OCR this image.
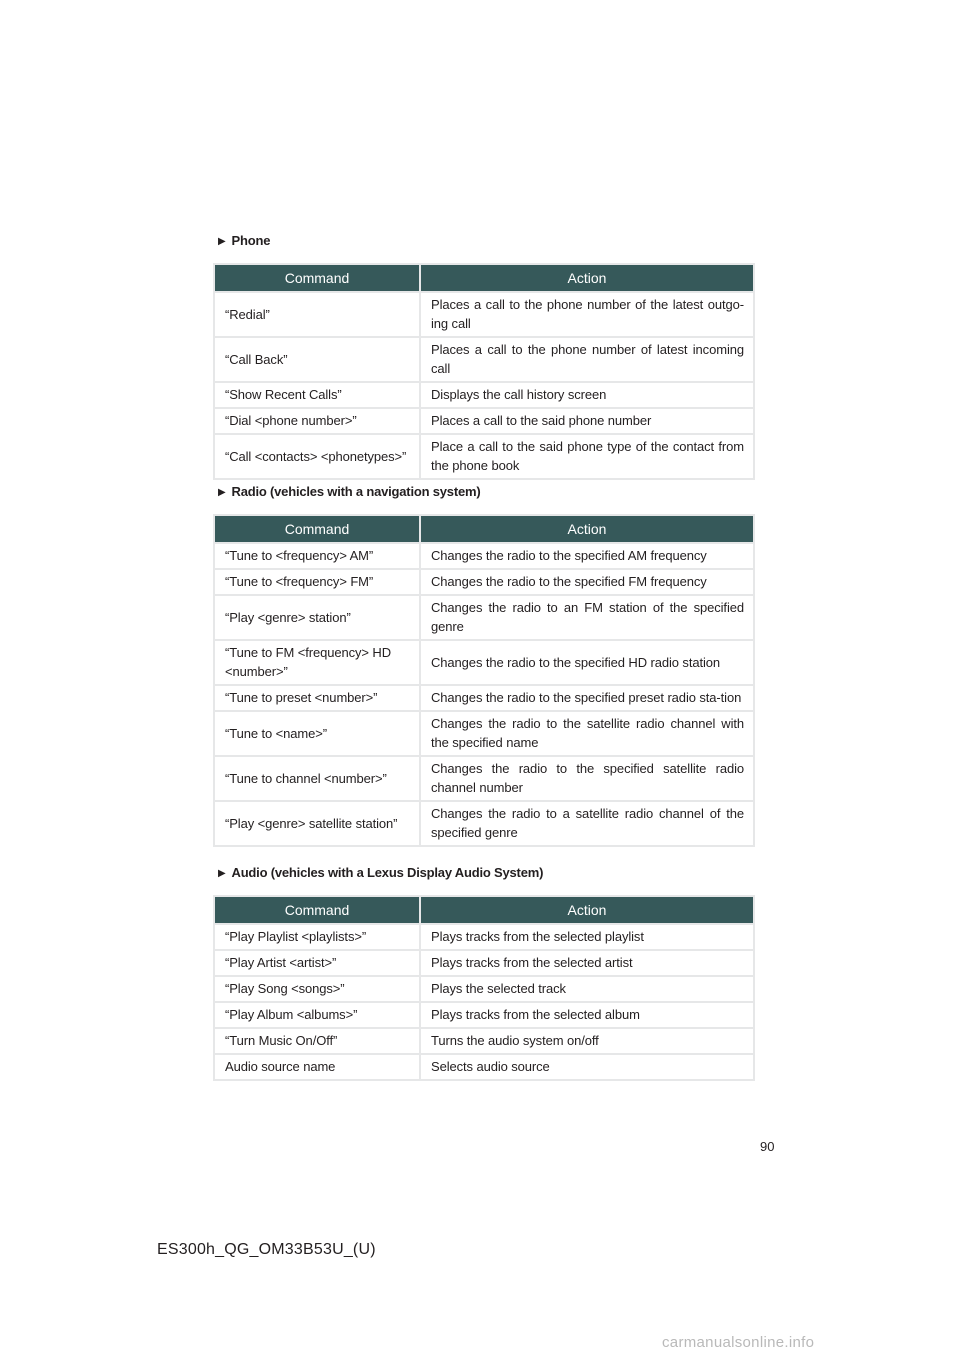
▶ Phone
Command	Action
“Redial”	Places a call to the phone number of the latest outgo-ing call
“Call Back”	Places a call to the phone number of latest incoming call
“Show Recent Calls”	Displays the call history screen
“Dial <phone number>”	Places a call to the said phone number
“Call <contacts> <phonetypes>”	Place a call to the said phone type of the contact from the phone book
▶ Radio (vehicles with a navigation system)
Command	Action
“Tune to <frequency> AM”	Changes the radio to the specified AM frequency
“Tune to <frequency> FM”	Changes the radio to the specified FM frequency
“Play <genre> station”	Changes the radio to an FM station of the specified genre
“Tune to FM <frequency> HD <number>”	Changes the radio to the specified HD radio station
“Tune to preset <number>”	Changes the radio to the specified preset radio sta-tion
“Tune to <name>”	Changes the radio to the satellite radio channel with the specified name
“Tune to channel <number>”	Changes the radio to the specified satellite radio channel number
“Play <genre> satellite station”	Changes the radio to a satellite radio channel of the specified genre
▶ Audio (vehicles with a Lexus Display Audio System)
Command	Action
“Play Playlist <playlists>”	Plays tracks from the selected playlist
“Play Artist <artist>”	Plays tracks from the selected artist
“Play Song <songs>”	Plays the selected track
“Play Album <albums>”	Plays tracks from the selected album
“Turn Music On/Off”	Turns the audio system on/off
Audio source name	Selects audio source
90
ES300h_QG_OM33B53U_(U)
carmanualsonline.info
